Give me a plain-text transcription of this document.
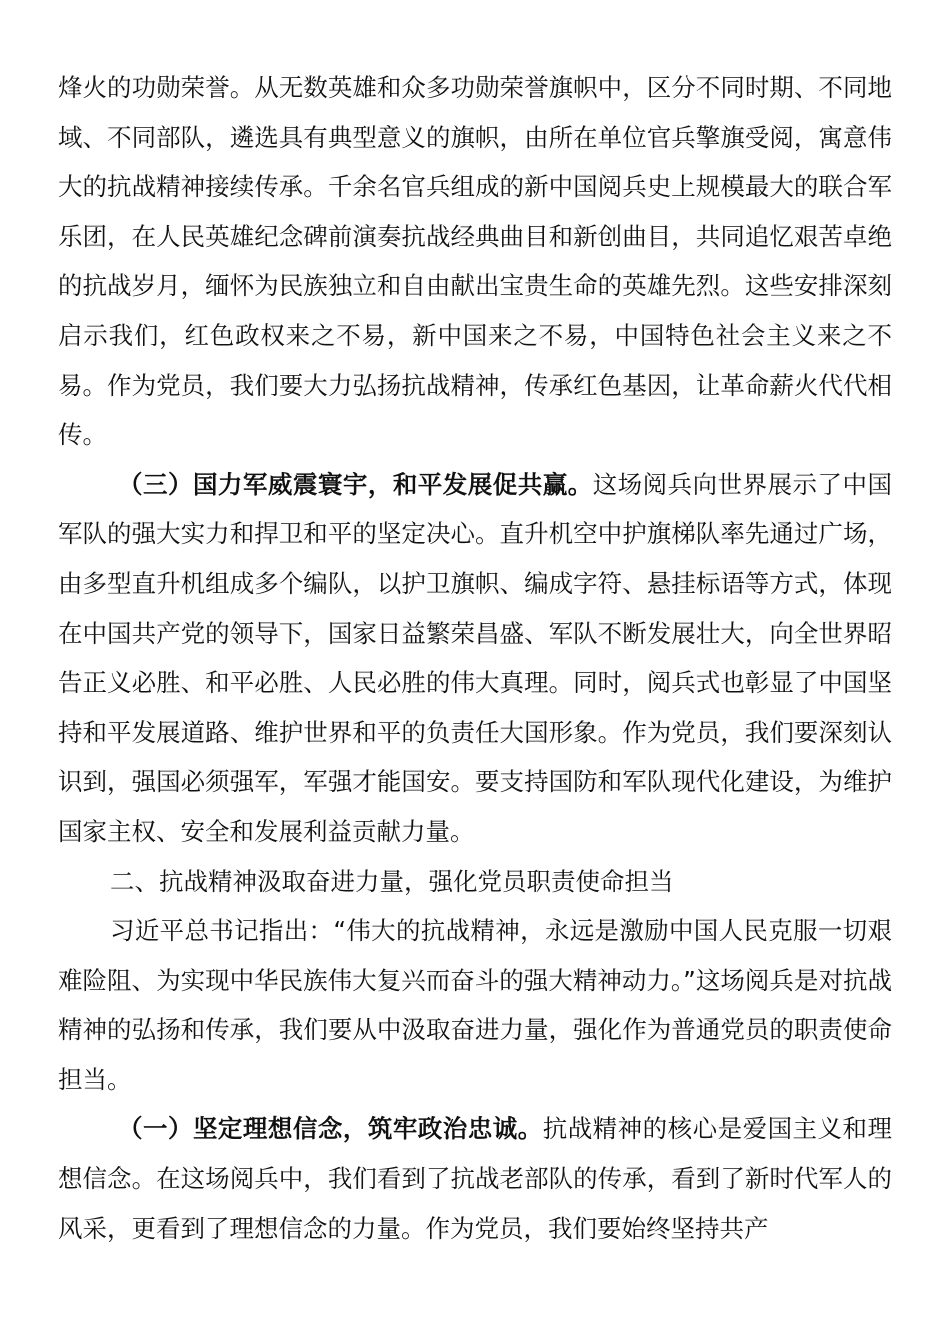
烽火的功勋荣誉。从无数英雄和众多功勋荣誉旗帜中，区分不同时期、不同地域、不同部队，遴选具有典型意义的旗帜，由所在单位官兵擎旗受阅，寓意伟大的抗战精神接续传承。千余名官兵组成的新中国阅兵史上规模最大的联合军乐团，在人民英雄纪念碑前演奏抗战经典曲目和新创曲目，共同追忆艰苦卓绝的抗战岁月，缅怀为民族独立和自由献出宝贵生命的英雄先烈。这些安排深刻启示我们，红色政权来之不易，新中国来之不易，中国特色社会主义来之不易。作为党员，我们要大力弘扬抗战精神，传承红色基因，让革命薪火代代相传。

（三）国力军威震寰宇，和平发展促共赢。这场阅兵向世界展示了中国军队的强大实力和捍卫和平的坚定决心。直升机空中护旗梯队率先通过广场，由多型直升机组成多个编队，以护卫旗帜、编成字符、悬挂标语等方式，体现在中国共产党的领导下，国家日益繁荣昌盛、军队不断发展壮大，向全世界昭告正义必胜、和平必胜、人民必胜的伟大真理。同时，阅兵式也彰显了中国坚持和平发展道路、维护世界和平的负责任大国形象。作为党员，我们要深刻认识到，强国必须强军，军强才能国安。要支持国防和军队现代化建设，为维护国家主权、安全和发展利益贡献力量。

二、抗战精神汲取奋进力量，强化党员职责使命担当

习近平总书记指出：“伟大的抗战精神，永远是激励中国人民克服一切艰难险阻、为实现中华民族伟大复兴而奋斗的强大精神动力。”这场阅兵是对抗战精神的弘扬和传承，我们要从中汲取奋进力量，强化作为普通党员的职责使命担当。

（一）坚定理想信念，筑牢政治忠诚。抗战精神的核心是爱国主义和理想信念。在这场阅兵中，我们看到了抗战老部队的传承，看到了新时代军人的风采，更看到了理想信念的力量。作为党员，我们要始终坚持共产
